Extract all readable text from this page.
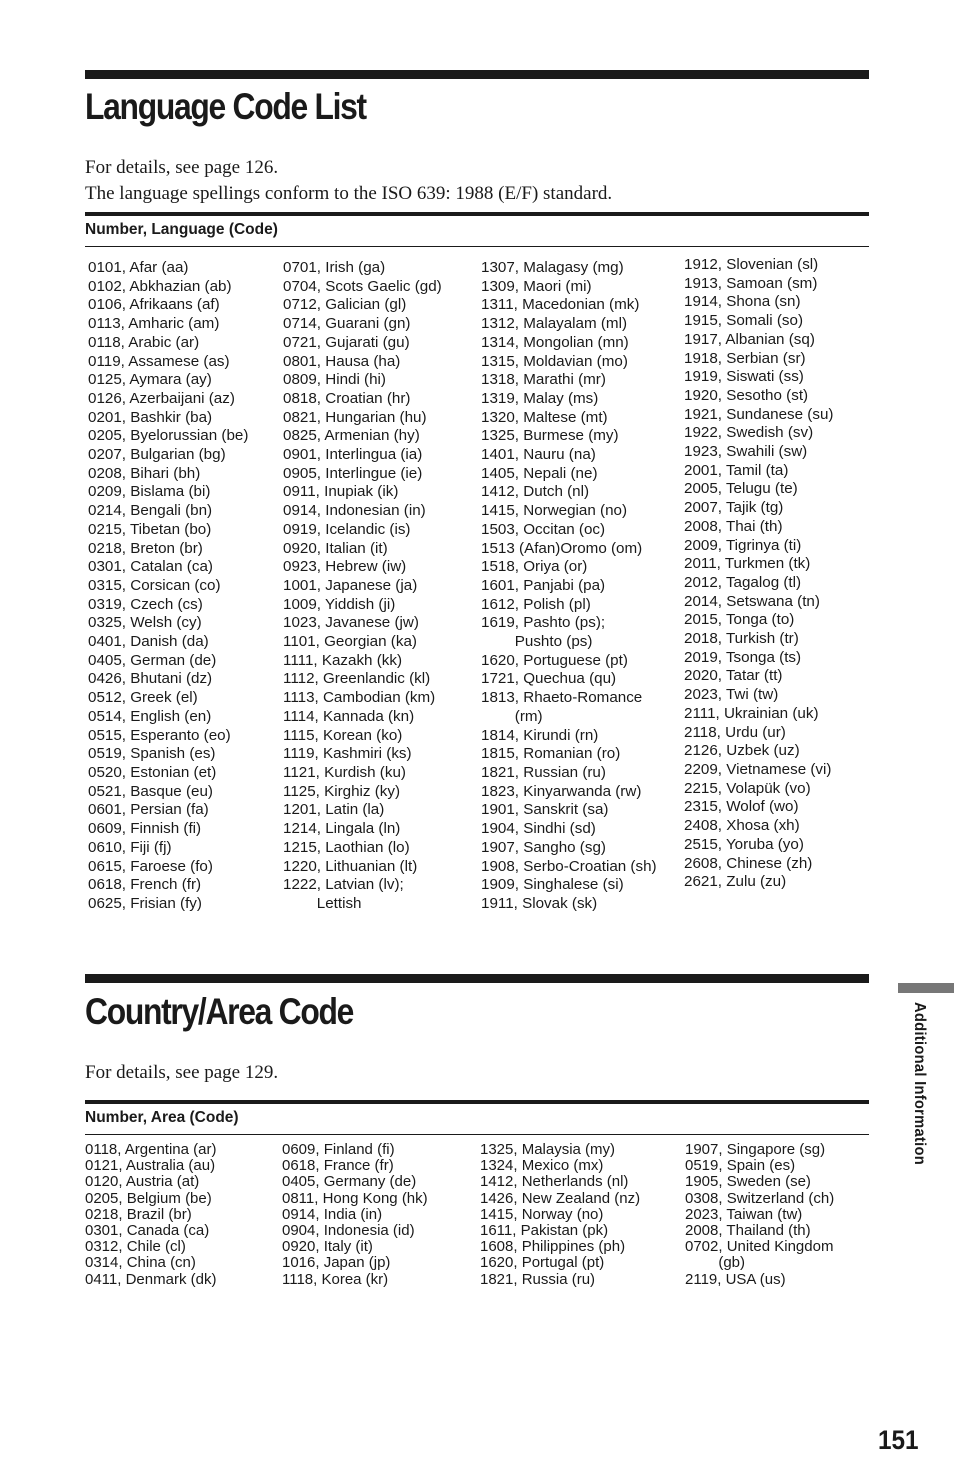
Language Code List
For details, see page 126.
The language spellings conform to the ISO 639: 1988 (E/F) standard.
Number, Language (Code)
0101, Afar (aa)
0102, Abkhazian (ab)
0106, Afrikaans (af)
0113, Amharic (am)
0118, Arabic (ar)
0119, Assamese (as)
0125, Aymara (ay)
0126, Azerbaijani (az)
0201, Bashkir (ba)
0205, Byelorussian (be)
0207, Bulgarian (bg)
0208, Bihari (bh)
0209, Bislama (bi)
0214, Bengali (bn)
0215, Tibetan (bo)
0218, Breton (br)
0301, Catalan (ca)
0315, Corsican (co)
0319, Czech (cs)
0325, Welsh (cy)
0401, Danish (da)
0405, German (de)
0426, Bhutani (dz)
0512, Greek (el)
0514, English (en)
0515, Esperanto (eo)
0519, Spanish (es)
0520, Estonian (et)
0521, Basque (eu)
0601, Persian (fa)
0609, Finnish (fi)
0610, Fiji (fj)
0615, Faroese (fo)
0618, French (fr)
0625, Frisian (fy)
0701, Irish (ga)
0704, Scots Gaelic (gd)
0712, Galician (gl)
0714, Guarani (gn)
0721, Gujarati (gu)
0801, Hausa (ha)
0809, Hindi (hi)
0818, Croatian (hr)
0821, Hungarian (hu)
0825, Armenian (hy)
0901, Interlingua (ia)
0905, Interlingue (ie)
0911, Inupiak (ik)
0914, Indonesian (in)
0919, Icelandic (is)
0920, Italian (it)
0923, Hebrew (iw)
1001, Japanese (ja)
1009, Yiddish (ji)
1023, Javanese (jw)
1101, Georgian (ka)
1111, Kazakh (kk)
1112, Greenlandic (kl)
1113, Cambodian (km)
1114, Kannada (kn)
1115, Korean (ko)
1119, Kashmiri (ks)
1121, Kurdish (ku)
1125, Kirghiz (ky)
1201, Latin (la)
1214, Lingala (ln)
1215, Laothian (lo)
1220, Lithuanian (lt)
1222, Latvian (lv);
Lettish
1307, Malagasy (mg)
1309, Maori (mi)
1311, Macedonian (mk)
1312, Malayalam (ml)
1314, Mongolian (mn)
1315, Moldavian (mo)
1318, Marathi (mr)
1319, Malay (ms)
1320, Maltese (mt)
1325, Burmese (my)
1401, Nauru (na)
1405, Nepali (ne)
1412, Dutch (nl)
1415, Norwegian (no)
1503, Occitan (oc)
1513 (Afan)Oromo (om)
1518, Oriya (or)
1601, Panjabi (pa)
1612, Polish (pl)
1619, Pashto (ps);
Pushto (ps)
1620, Portuguese (pt)
1721, Quechua (qu)
1813, Rhaeto-Romance
(rm)
1814, Kirundi (rn)
1815, Romanian (ro)
1821, Russian (ru)
1823, Kinyarwanda (rw)
1901, Sanskrit (sa)
1904, Sindhi (sd)
1907, Sangho (sg)
1908, Serbo-Croatian (sh)
1909, Singhalese (si)
1911, Slovak (sk)
1912, Slovenian (sl)
1913, Samoan (sm)
1914, Shona (sn)
1915, Somali (so)
1917, Albanian (sq)
1918, Serbian (sr)
1919, Siswati (ss)
1920, Sesotho (st)
1921, Sundanese (su)
1922, Swedish (sv)
1923, Swahili (sw)
2001, Tamil (ta)
2005, Telugu (te)
2007, Tajik (tg)
2008, Thai (th)
2009, Tigrinya (ti)
2011, Turkmen (tk)
2012, Tagalog (tl)
2014, Setswana (tn)
2015, Tonga (to)
2018, Turkish (tr)
2019, Tsonga (ts)
2020, Tatar (tt)
2023, Twi (tw)
2111, Ukrainian (uk)
2118, Urdu (ur)
2126, Uzbek (uz)
2209, Vietnamese (vi)
2215, Volapük (vo)
2315, Wolof (wo)
2408, Xhosa (xh)
2515, Yoruba (yo)
2608, Chinese (zh)
2621, Zulu (zu)
Country/Area Code
For details, see page 129.
Number, Area (Code)
0118, Argentina (ar)
0121, Australia (au)
0120, Austria (at)
0205, Belgium (be)
0218, Brazil (br)
0301, Canada (ca)
0312, Chile (cl)
0314, China (cn)
0411, Denmark (dk)
0609, Finland (fi)
0618, France (fr)
0405, Germany (de)
0811, Hong Kong (hk)
0914, India (in)
0904, Indonesia (id)
0920, Italy (it)
1016, Japan (jp)
1118, Korea (kr)
1325, Malaysia (my)
1324, Mexico (mx)
1412, Netherlands (nl)
1426, New Zealand (nz)
1415, Norway (no)
1611, Pakistan (pk)
1608, Philippines (ph)
1620, Portugal (pt)
1821, Russia (ru)
1907, Singapore (sg)
0519, Spain (es)
1905, Sweden (se)
0308, Switzerland (ch)
2023, Taiwan (tw)
2008, Thailand (th)
0702, United Kingdom
(gb)
2119, USA (us)
Additional Information
151
